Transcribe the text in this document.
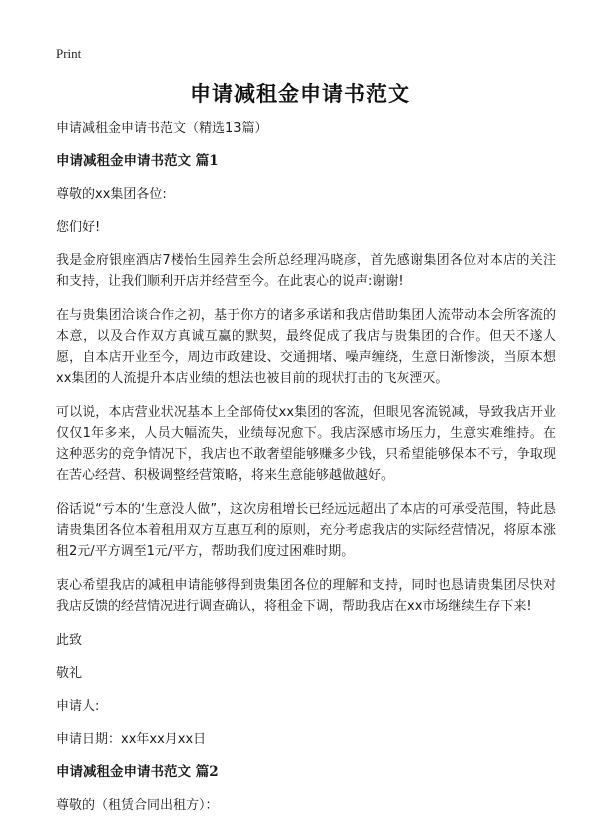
Print
申请减租金申请书范文

申请减租金申请书范文（精选13篇）

申请减租金申请书范文 篇1

尊敬的xx集团各位:

您们好!

我是金府银座酒店7楼怡生园养生会所总经理冯晓彦，首先感谢集团各位对本店的关注和支持，让我们顺利开店并经营至今。在此衷心的说声:谢谢!

在与贵集团洽谈合作之初，基于你方的诸多承诺和我店借助集团人流带动本会所客流的本意，以及合作双方真诚互赢的默契，最终促成了我店与贵集团的合作。但天不遂人愿，自本店开业至今，周边市政建设、交通拥堵、噪声缠绕，生意日渐惨淡，当原本想xx集团的人流提升本店业绩的想法也被目前的现状打击的飞灰湮灭。

可以说，本店营业状况基本上全部倚仗xx集团的客流，但眼见客流锐减，导致我店开业仅仅1年多来，人员大幅流失，业绩每况愈下。我店深感市场压力，生意实难维持。在这种恶劣的竞争情况下，我店也不敢奢望能够赚多少钱，只希望能够保本不亏，争取现在苦心经营、积极调整经营策略，将来生意能够越做越好。

俗话说“亏本的‘生意没人做”，这次房租增长已经远远超出了本店的可承受范围，特此恳请贵集团各位本着租用双方互惠互利的原则，充分考虑我店的实际经营情况，将原本涨租2元/平方调至1元/平方，帮助我们度过困难时期。

衷心希望我店的减租申请能够得到贵集团各位的理解和支持，同时也恳请贵集团尽快对我店反馈的经营情况进行调查确认，将租金下调，帮助我店在xx市场继续生存下来!

此致

敬礼

申请人:

申请日期：xx年xx月xx日

申请减租金申请书范文 篇2

尊敬的（租赁合同出租方）：
